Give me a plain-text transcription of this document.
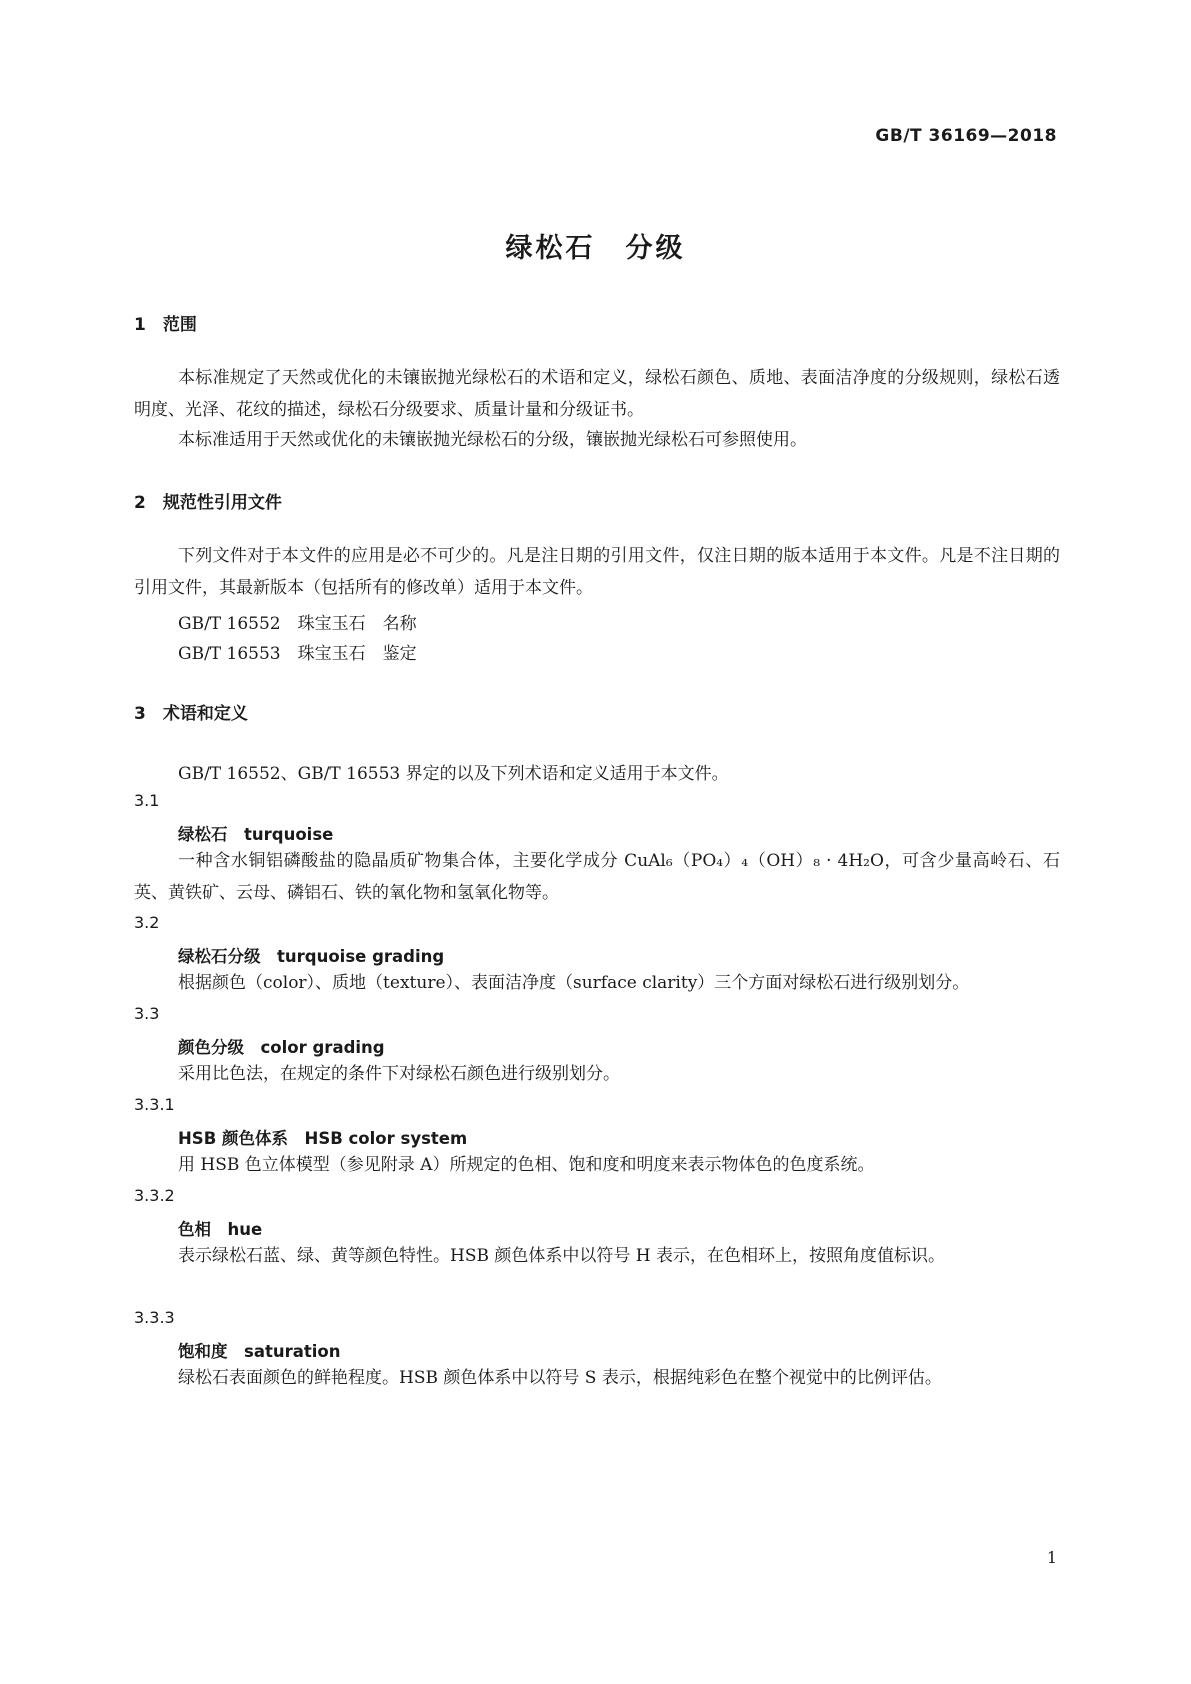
GB/T 36169—2018
绿松石　分级
1　范围

本标准规定了天然或优化的未镶嵌抛光绿松石的术语和定义，绿松石颜色、质地、表面洁净度的分级规则，绿松石透明度、光泽、花纹的描述，绿松石分级要求、质量计量和分级证书。

本标准适用于天然或优化的未镶嵌抛光绿松石的分级，镶嵌抛光绿松石可参照使用。

2　规范性引用文件

下列文件对于本文件的应用是必不可少的。凡是注日期的引用文件，仅注日期的版本适用于本文件。凡是不注日期的引用文件，其最新版本（包括所有的修改单）适用于本文件。

GB/T 16552　珠宝玉石　名称
GB/T 16553　珠宝玉石　鉴定
3　术语和定义
GB/T 16552、GB/T 16553 界定的以及下列术语和定义适用于本文件。
3.1
绿松石　turquoise

一种含水铜铝磷酸盐的隐晶质矿物集合体，主要化学成分 CuAl₆（PO₄）₄（OH）₈ · 4H₂O，可含少量高岭石、石英、黄铁矿、云母、磷铝石、铁的氧化物和氢氧化物等。

3.2
绿松石分级　turquoise grading

根据颜色（color）、质地（texture）、表面洁净度（surface clarity）三个方面对绿松石进行级别划分。

3.3
颜色分级　color grading

采用比色法，在规定的条件下对绿松石颜色进行级别划分。

3.3.1
HSB 颜色体系　HSB color system

用 HSB 色立体模型（参见附录 A）所规定的色相、饱和度和明度来表示物体色的色度系统。

3.3.2
色相　hue

表示绿松石蓝、绿、黄等颜色特性。HSB 颜色体系中以符号 H 表示，在色相环上，按照角度值标识。

3.3.3
饱和度　saturation

绿松石表面颜色的鲜艳程度。HSB 颜色体系中以符号 S 表示，根据纯彩色在整个视觉中的比例评估。

1
